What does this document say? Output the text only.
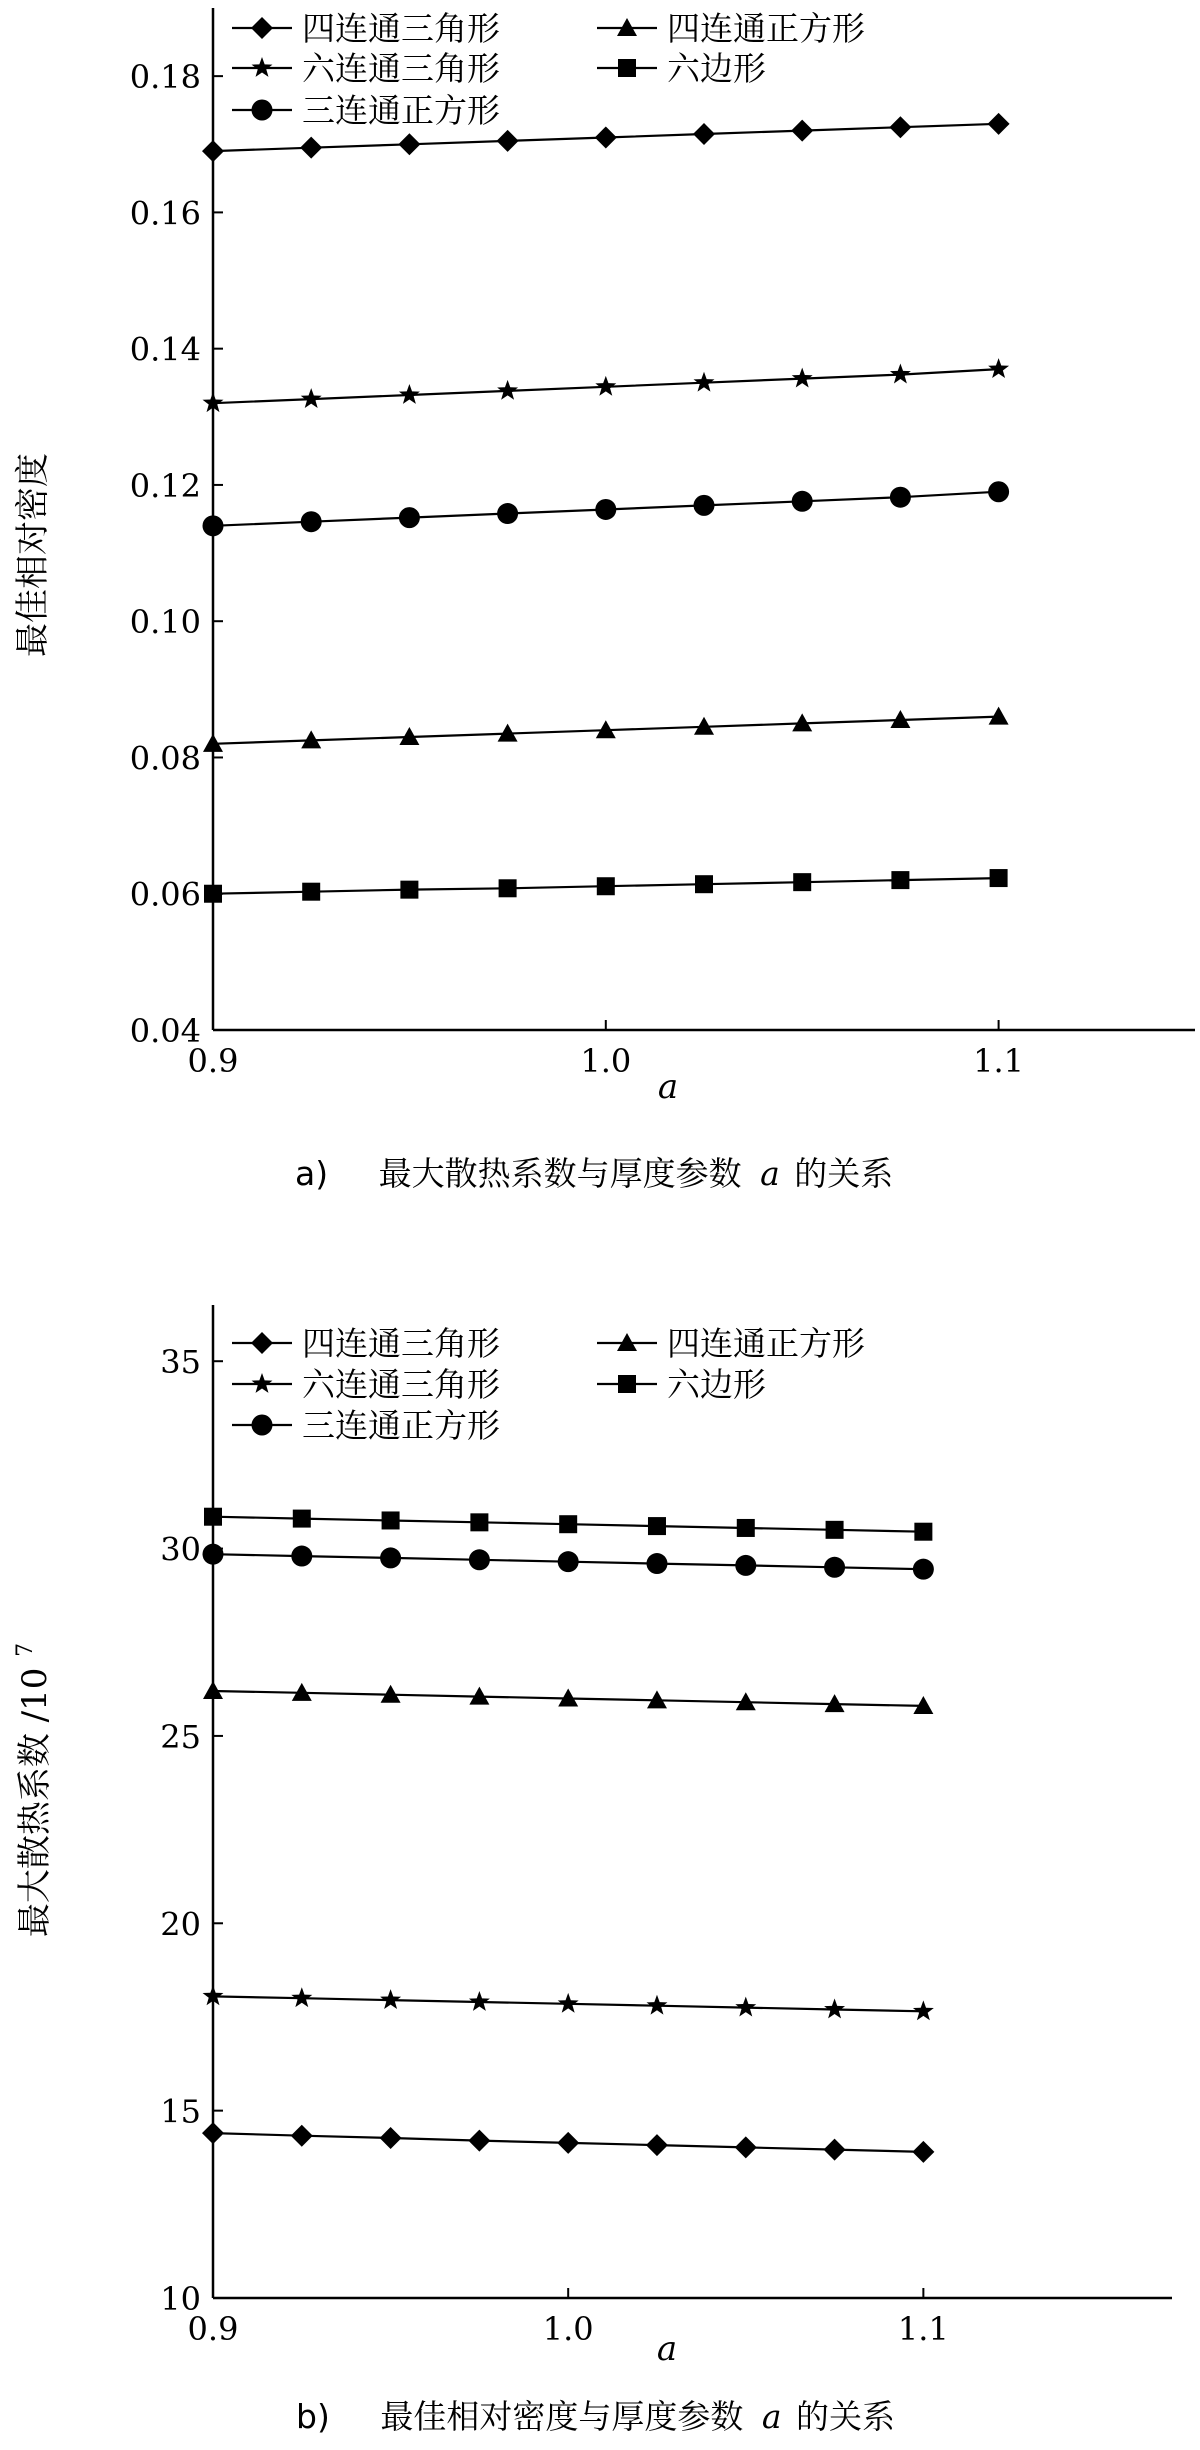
0.04
0.06
0.08
0.10
0.12
0.14
0.16
0.18
0.9	1.0	1.1
四连通三角形	四连通正方形
六连通三角形	六边形
三连通正方形
a
最佳相对密度
a) 最大散热系数与厚度参数 a 的关系
10
15
20
25
30
35
0.9	1.0	1.1
四连通三角形	四连通正方形
六连通三角形	六边形
三连通正方形
a
最大散热系数 /10 $^7$
b) 最佳相对密度与厚度参数 a 的关系
